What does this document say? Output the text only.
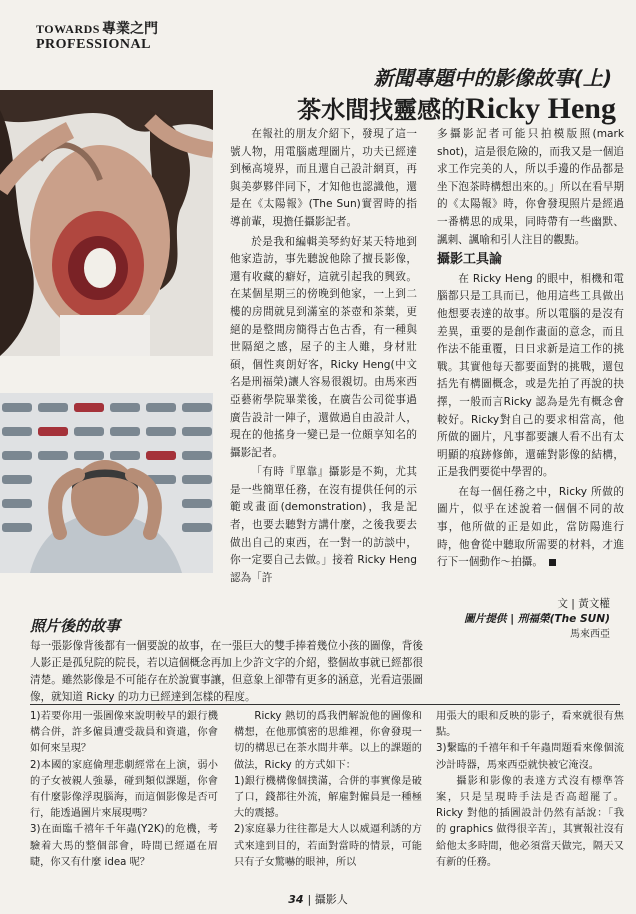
TOWARDS 專業之門
PROFESSIONAL
新聞專題中的影像故事(上)
茶水間找靈感的Ricky Heng

在報社的朋友介紹下，發現了這一號人物，用電腦處理圖片，功夫已經達到極高境界，而且還自己設計網頁，再與美夢夥伴同下，才知他也認識他，還是在《太陽報》(The Sun)實習時的指導前輩，現擔任攝影記者。

於是我和編輯美琴約好某天特地到他家造訪，事先聽說他除了擅長影像，還有收藏的癖好，這就引起我的興致。在某個星期三的傍晚到他家，一上到二樓的房間就見到滿室的茶壺和茶葉，更絕的是整間房簡得古色古香，有一種與世隔絕之感，屋子的主人雖，身材壯碩，個性爽朗好客，Ricky Heng(中文名是刑福榮)讓人容易很親切。由馬來西亞藝術學院畢業後，在廣告公司從事過廣告設計一陣子，還做過自由設計人，現在的他搖身一變已是一位頗享知名的攝影記者。

「有時『單靠』攝影是不夠，尤其是一些簡單任務，在沒有提供任何的示範或畫面(demonstration)，我是記者，也要去聽對方講什麼，之後我要去做出自己的東西，在一對一的訪談中，你一定要自己去做。」接着 Ricky Heng 認為「許

多攝影記者可能只拍模版照(mark shot)，這是很危險的，而我又是一個追求工作完美的人，所以手邊的作品都是坐下泡茶時構想出來的。」所以在看早期的《太陽報》時，你會發現照片是經過一番構思的成果，同時帶有一些幽默、諷刺、諷喻和引人注目的觀點。

攝影工具論

在 Ricky Heng 的眼中，相機和電腦都只是工具而已，他用這些工具做出他想要表達的故事。所以電腦的是沒有差異，重要的是創作畫面的意念，而且作法不能重覆，日日求新是這工作的挑戰。其實他每天都要面對的挑戰，還包括先有構圖概念，或是先拍了再說的抉擇，一般而言Ricky 認為是先有概念會較好。Ricky對自己的要求相當高，他所做的圖片，凡事都要讓人看不出有太明顯的痕跡修飾，還確對影像的結構，正是我們要從中學習的。

在每一個任務之中，Ricky 所做的圖片，似乎在述說着一個個不同的故事，他所做的正是如此，當防陽進行時，他會從中聽取所需要的材料，才進行下一個動作～拍攝。

文 | 黃文權
圖片提供 | 刑福榮(The SUN)
馬來西亞
照片後的故事
每一張影像背後都有一個要說的故事，在一張巨大的雙手捧着幾位小孩的圖像，背後人影正是孤兒院的院長，若以這個概念再加上少許文字的介紹，整個故事就已經都很清楚。雖然影像是不可能存在於說實事讓，但意象上卻帶有更多的涵意，光看這張圖像，就知道 Ricky 的功力已經達到怎樣的程度。

1)若要你用一張圖像來說明較早的銀行機構合併，許多僱員遭受裁員和資遣，你會如何來呈現？

2)本國的家庭倫理悲劇經常在上演，弱小的子女被親人強暴，碰到類似課題，你會有什麼影像浮現腦海，而這個影像是否可行，能透過圖片來展現嗎？

3)在面臨千禧年千年蟲(Y2K)的危機，考驗着大馬的整個部會，時間已經逼在眉睫，你又有什麼 idea 呢？

Ricky 熱切的爲我們解說他的圖像和構想，在他那慎密的思維裡，你會發現一切的構思已在茶水間井華。以上的課題的做法，Ricky 的方式如下：

1)銀行機構像個撲滿，合併的事實像是破了口，錢都往外流，解雇對僱員是一種極大的震撼。

2)家庭暴力往往都是大人以威逼利誘的方式來達到目的，若面對當時的情景，可能只有子女驚嚇的眼神，所以

用張大的眼和反映的影子，看來就很有焦點。

3)繫臨的千禧年和千年蟲問題看來像個流沙計時器，馬來西亞就快被它淹沒。

攝影和影像的表達方式沒有標準答案，只是呈現時手法是否高超罷了。Ricky 對他的插圖設計仍然有話說：「我的 graphics 做得很辛苦」，其實報社沒有給他太多時間，他必須當天做完，隔天又有新的任務。

34 | 攝影人
